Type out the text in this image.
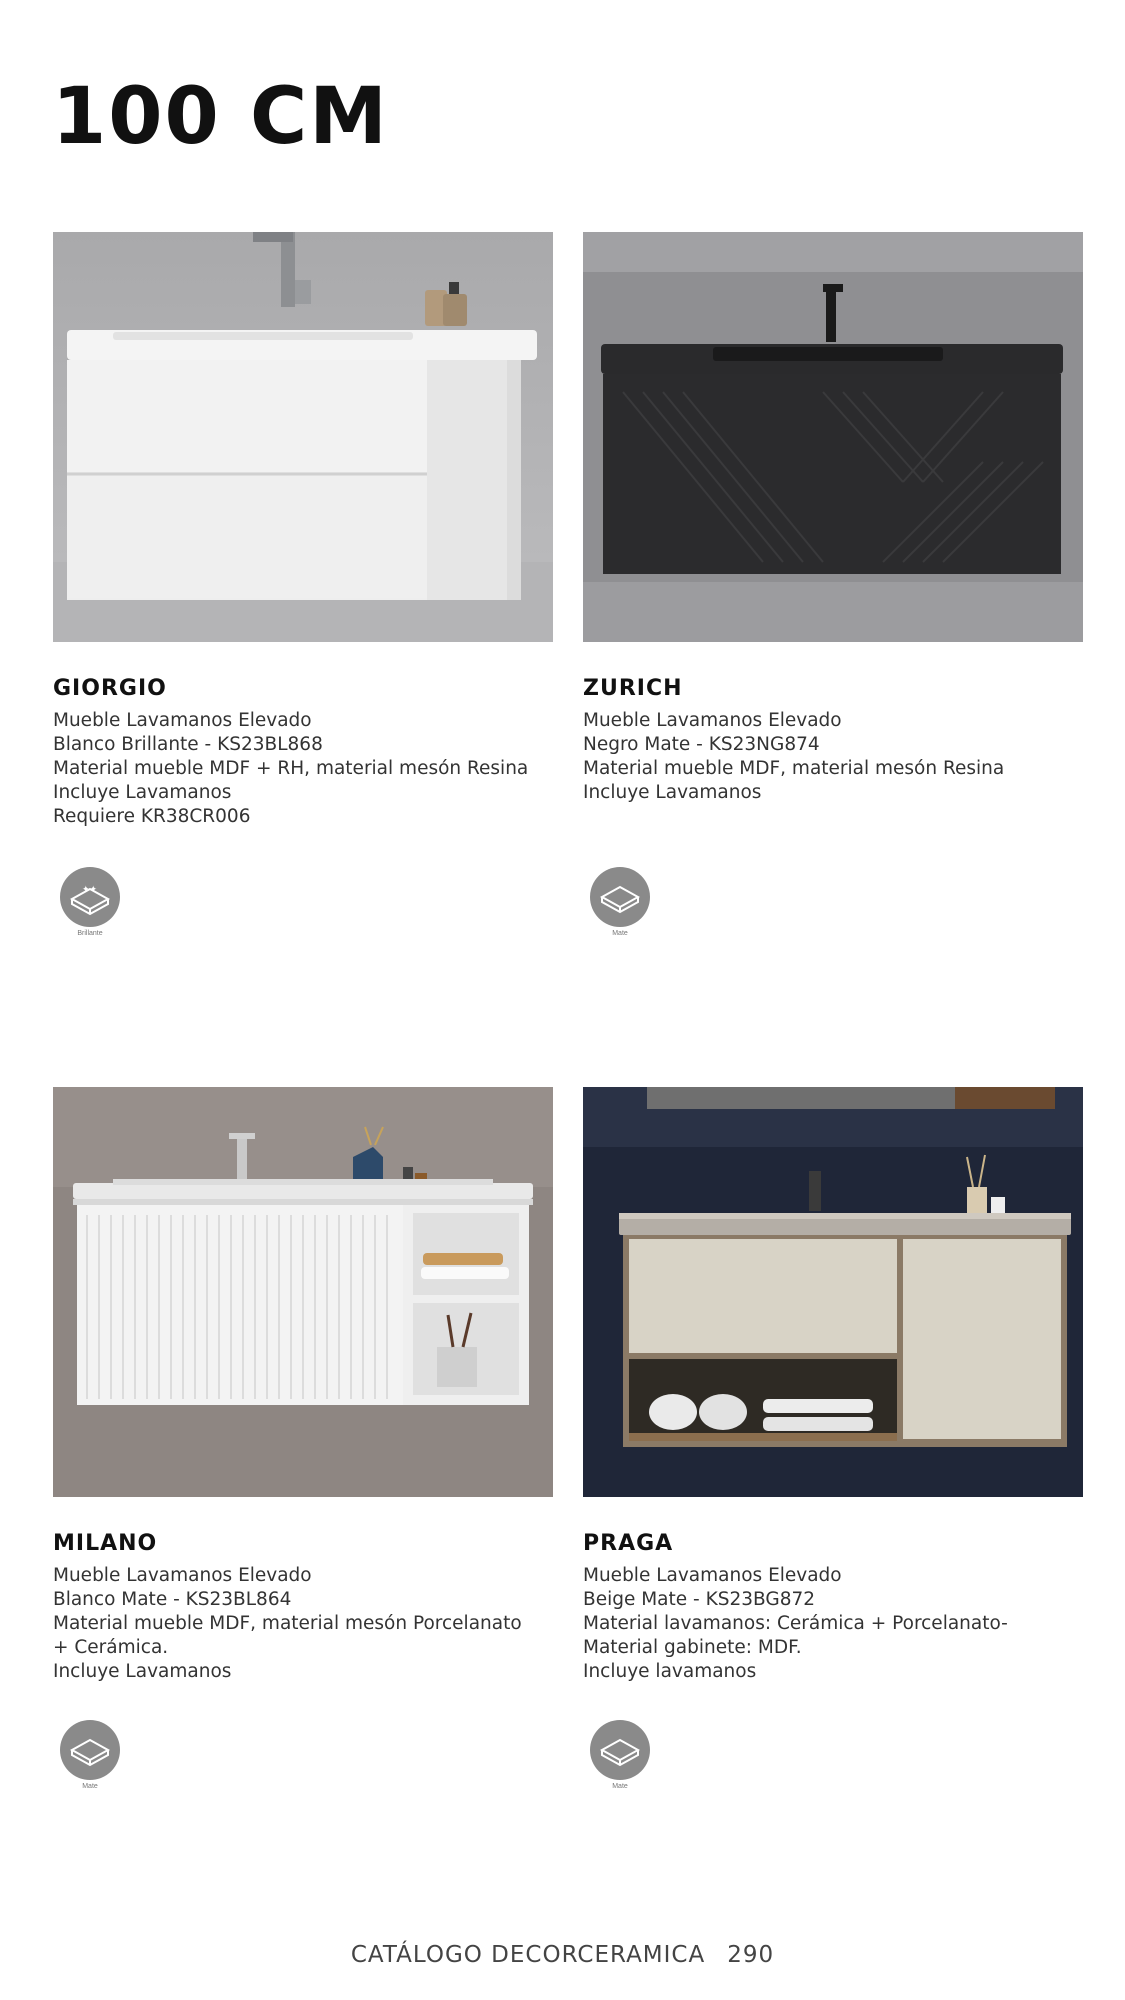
100 CM
GIORGIO
Mueble Lavamanos Elevado
Blanco Brillante - KS23BL868
Material mueble MDF + RH, material mesón Resina
Incluye Lavamanos
Requiere KR38CR006
✦✦
Brillante
ZURICH
Mueble Lavamanos Elevado
Negro Mate - KS23NG874
Material mueble MDF, material mesón Resina
Incluye Lavamanos
Mate
MILANO
Mueble Lavamanos Elevado
Blanco Mate - KS23BL864
Material mueble MDF, material mesón Porcelanato
+ Cerámica.
Incluye Lavamanos
Mate
PRAGA
Mueble Lavamanos Elevado
Beige Mate - KS23BG872
Material lavamanos: Cerámica + Porcelanato-
Material gabinete: MDF.
Incluye lavamanos
Mate
CATÁLOGO DECORCERAMICA 290
